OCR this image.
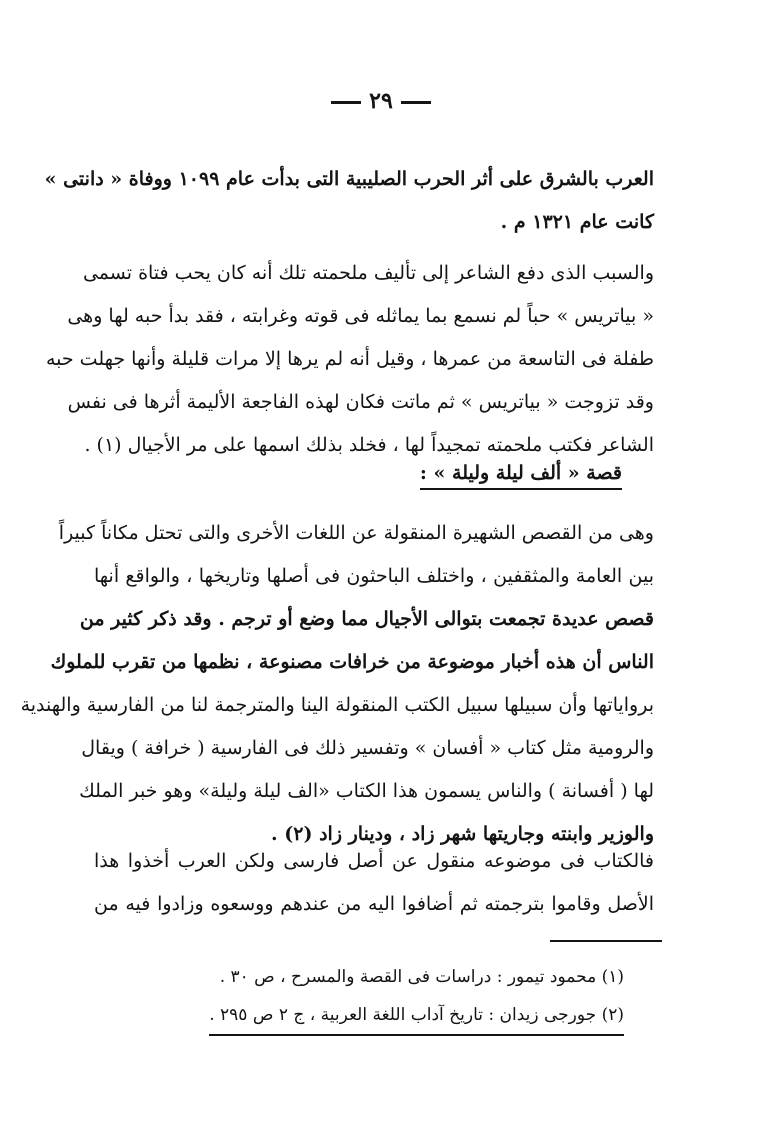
٢٩
العرب بالشرق على أثر الحرب الصليبية التى بدأت عام ١٠٩٩ ووفاة « دانتى »
كانت عام ١٣٢١ م .
والسبب الذى دفع الشاعر إلى تأليف ملحمته تلك أنه كان يحب فتاة تسمى
« بياتريس » حباً لم نسمع بما يماثله فى قوته وغرابته ، فقد بدأ حبه لها وهى
طفلة فى التاسعة من عمرها ، وقيل أنه لم يرها إلا مرات قليلة وأنها جهلت حبه
وقد تزوجت « بياتريس » ثم ماتت فكان لهذه الفاجعة الأليمة أثرها فى نفس
الشاعر فكتب ملحمته تمجيداً لها ، فخلد بذلك اسمها على مر الأجيال (١) .
قصة « ألف ليلة وليلة » :
وهى من القصص الشهيرة المنقولة عن اللغات الأخرى والتى تحتل مكاناً كبيراً
بين العامة والمثقفين ، واختلف الباحثون فى أصلها وتاريخها ، والواقع أنها
قصص عديدة تجمعت بتوالى الأجيال مما وضع أو ترجم . وقد ذكر كثير من
الناس أن هذه أخبار موضوعة من خرافات مصنوعة ، نظمها من تقرب للملوك
برواياتها وأن سبيلها سبيل الكتب المنقولة الينا والمترجمة لنا من الفارسية والهندية
والرومية مثل كتاب « أفسان » وتفسير ذلك فى الفارسية ( خرافة ) ويقال
لها ( أفسانة ) والناس يسمون هذا الكتاب «الف ليلة وليلة» وهو خبر الملك
والوزير وابنته وجاريتها شهر زاد ، ودينار زاد (٢) .
فالكتاب فى موضوعه منقول عن أصل فارسى ولكن العرب أخذوا هذا
الأصل وقاموا بترجمته ثم أضافوا اليه من عندهم ووسعوه وزادوا فيه من
(١) محمود تيمور : دراسات فى القصة والمسرح ، ص ٣٠ .
(٢) جورجى زيدان : تاريخ آداب اللغة العربية ، ج ٢ ص ٢٩٥ .
